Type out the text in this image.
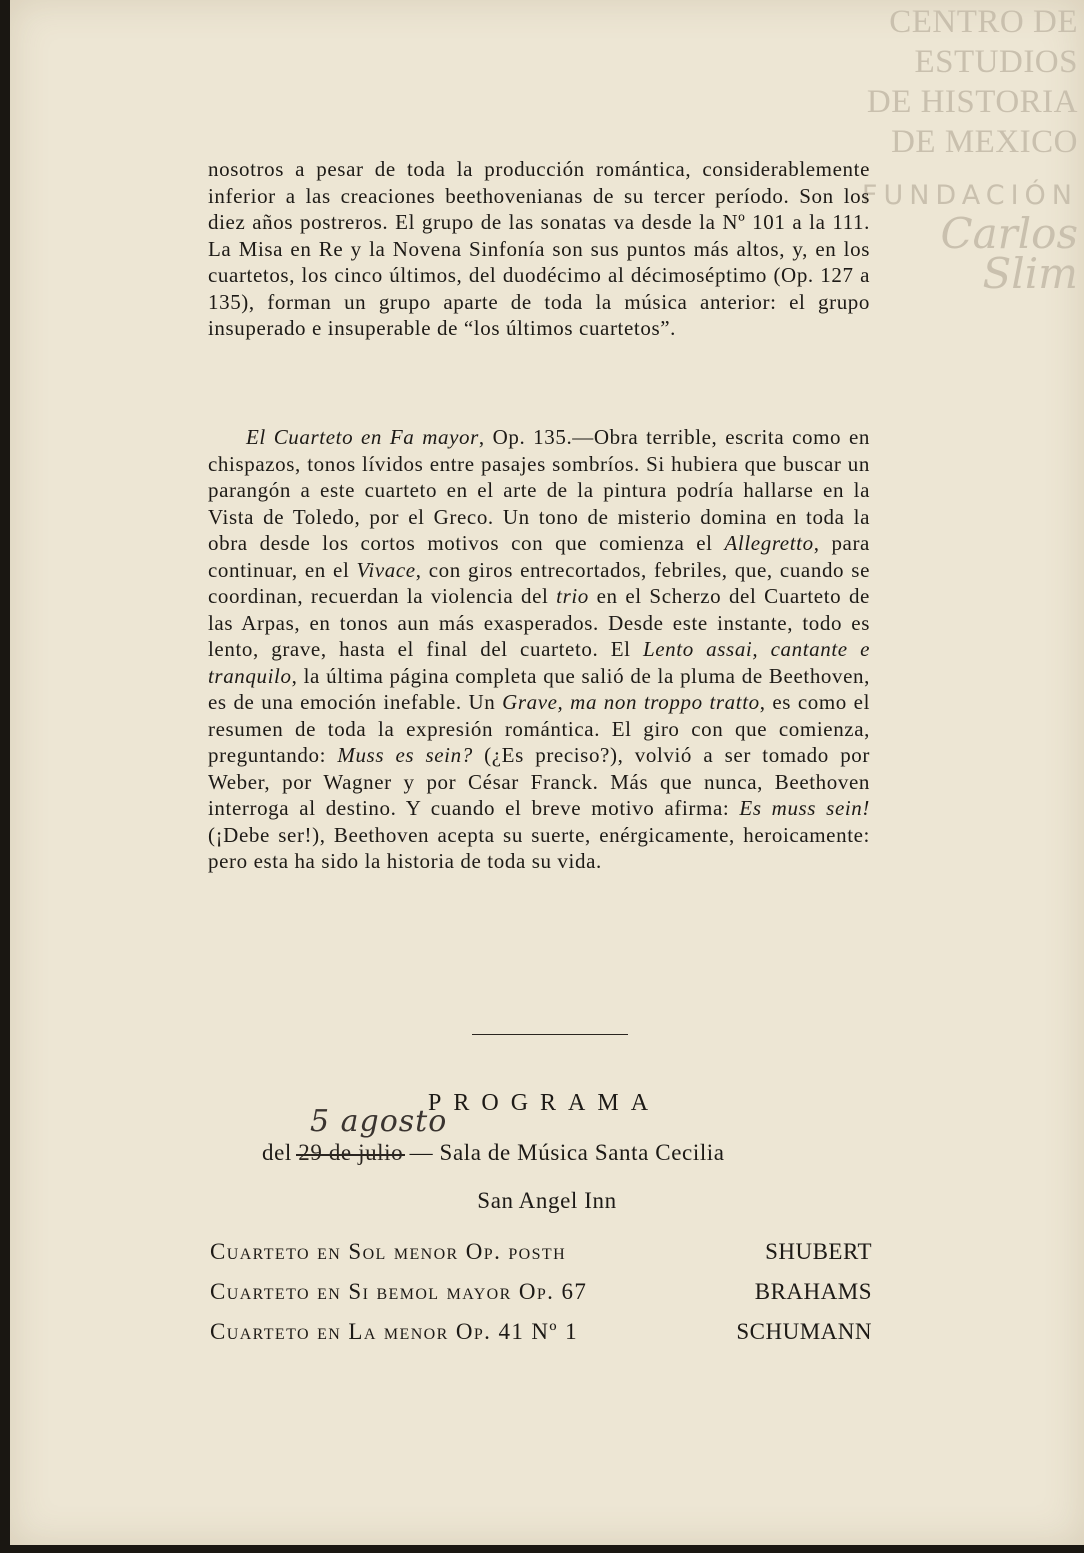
CENTRO DE
ESTUDIOS
DE HISTORIA
DE MEXICO
FUNDACIÓN
Carlos Slim

nosotros a pesar de toda la producción romántica, considerablemente inferior a las creaciones beethovenianas de su tercer período. Son los diez años postreros. El grupo de las sonatas va desde la Nº 101 a la 111. La Misa en Re y la Novena Sinfonía son sus puntos más altos, y, en los cuartetos, los cinco últimos, del duodécimo al décimoséptimo (Op. 127 a 135), forman un grupo aparte de toda la música anterior: el grupo insuperado e insuperable de “los últimos cuartetos”.

El Cuarteto en Fa mayor, Op. 135.—Obra terrible, escrita como en chispazos, tonos lívidos entre pasajes sombríos. Si hubiera que buscar un parangón a este cuarteto en el arte de la pintura podría hallarse en la Vista de Toledo, por el Greco. Un tono de misterio domina en toda la obra desde los cortos motivos con que comienza el Allegretto, para continuar, en el Vivace, con giros entrecortados, febriles, que, cuando se coordinan, recuerdan la violencia del trio en el Scherzo del Cuarteto de las Arpas, en tonos aun más exasperados. Desde este instante, todo es lento, grave, hasta el final del cuarteto. El Lento assai, cantante e tranquilo, la última página completa que salió de la pluma de Beethoven, es de una emoción inefable. Un Grave, ma non troppo tratto, es como el resumen de toda la expresión romántica. El giro con que comienza, preguntando: Muss es sein? (¿Es preciso?), volvió a ser tomado por Weber, por Wagner y por César Franck. Más que nunca, Beethoven interroga al destino. Y cuando el breve motivo afirma: Es muss sein! (¡Debe ser!), Beethoven acepta su suerte, enérgicamente, heroicamente: pero esta ha sido la historia de toda su vida.

PROGRAMA
5 agosto
del 29 de julio — Sala de Música Santa Cecilia
San Angel Inn
Cuarteto en Sol menor Op. posth	SHUBERT
Cuarteto en Si bemol mayor Op. 67	BRAHAMS
Cuarteto en La menor Op. 41 Nº 1	SCHUMANN
